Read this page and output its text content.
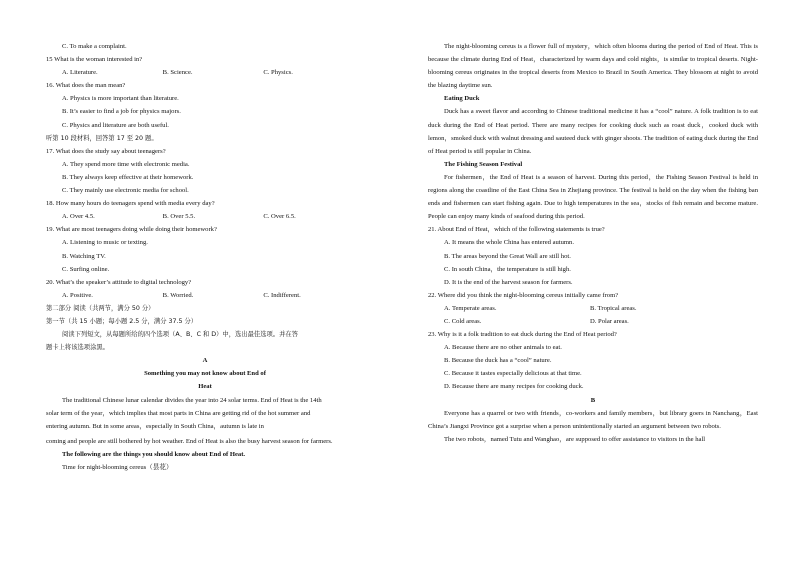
C. To make a complaint.
15 What is the woman interested in?
A. Literature.	B. Science.	C. Physics.
16. What does the man mean?
A. Physics is more important than literature.
B. It’s easier to find a job for physics majors.
C. Physics and literature are both useful.
听第 10 段材料，回答第 17 至 20 题。
17. What does the study say about teenagers?
A. They spend more time with electronic media.
B. They always keep effective at their homework.
C. They mainly use electronic media for school.
18. How many hours do teenagers spend with media every day?
A. Over 4.5.	B. Over 5.5.	C. Over 6.5.
19. What are most teenagers doing while doing their homework?
A. Listening to music or texting.
B. Watching TV.
C. Surfing online.
20. What’s the speaker’s attitude to digital technology?
A. Positive.	B. Worried.	C. Indifferent.
第二部分 阅读（共两节，满分 50 分）
第一节（共 15 小题；每小题 2.5 分，满分 37.5 分）
阅读下列短文，从每题所给的四个选项（A、B、C 和 D）中，选出最佳选项。并在答
题卡上将该选项涂黑。
A
Something you may not know about End of
Heat
The traditional Chinese lunar calendar divides the year into 24 solar terms. End of Heat is the 14th
solar term of the year，which implies that most parts in China are getting rid of the hot summer and
entering autumn. But in some areas，especially in South China，autumn is late in
coming and people are still bothered by hot weather. End of Heat is also the busy harvest season for farmers.
The following are the things you should know about End of Heat.
Time for night-blooming cereus（昙花）
The night-blooming cereus is a flower full of mystery，which often blooms during the period of End of Heat. This is because the climate during End of Heat，characterized by warm days and cold nights，is similar to tropical deserts. Night-blooming cereus originates in the tropical deserts from Mexico to Brazil in South America. They blossom at night to avoid the blazing daytime sun.
Eating Duck
Duck has a sweet flavor and according to Chinese traditional medicine it has a “cool” nature. A folk tradition is to eat duck during the End of Heat period. There are many recipes for cooking duck such as roast duck，cooked duck with lemon，smoked duck with walnut dressing and sauteed duck with ginger shoots. The tradition of eating duck during the End of Heat period is still popular in China.
The Fishing Season Festival
For fishermen，the End of Heat is a season of harvest. During this period，the Fishing Season Festival is held in regions along the coastline of the East China Sea in Zhejiang province. The festival is held on the day when the fishing ban ends and fishermen can start fishing again. Due to high temperatures in the sea，stocks of fish remain and become mature. People can enjoy many kinds of seafood during this period.
21. About End of Heat，which of the following statements is true?
A. It means the whole China has entered autumn.
B. The areas beyond the Great Wall are still hot.
C. In south China，the temperature is still high.
D. It is the end of the harvest season for farmers.
22. Where did you think the night-blooming cereus initially came from?
A. Temperate areas.	B. Tropical areas.
C. Cold areas.	D. Polar areas.
23. Why is it a folk tradition to eat duck during the End of Heat period?
A. Because there are no other animals to eat.
B. Because the duck has a “cool” nature.
C. Because it tastes especially delicious at that time.
D. Because there are many recipes for cooking duck.
B
Everyone has a quarrel or two with friends，co-workers and family members，but library goers in Nanchang，East China’s Jiangxi Province got a surprise when a person unintentionally started an argument between two robots.
The two robots，named Tutu and Wanghao，are supposed to offer assistance to visitors in the hall
